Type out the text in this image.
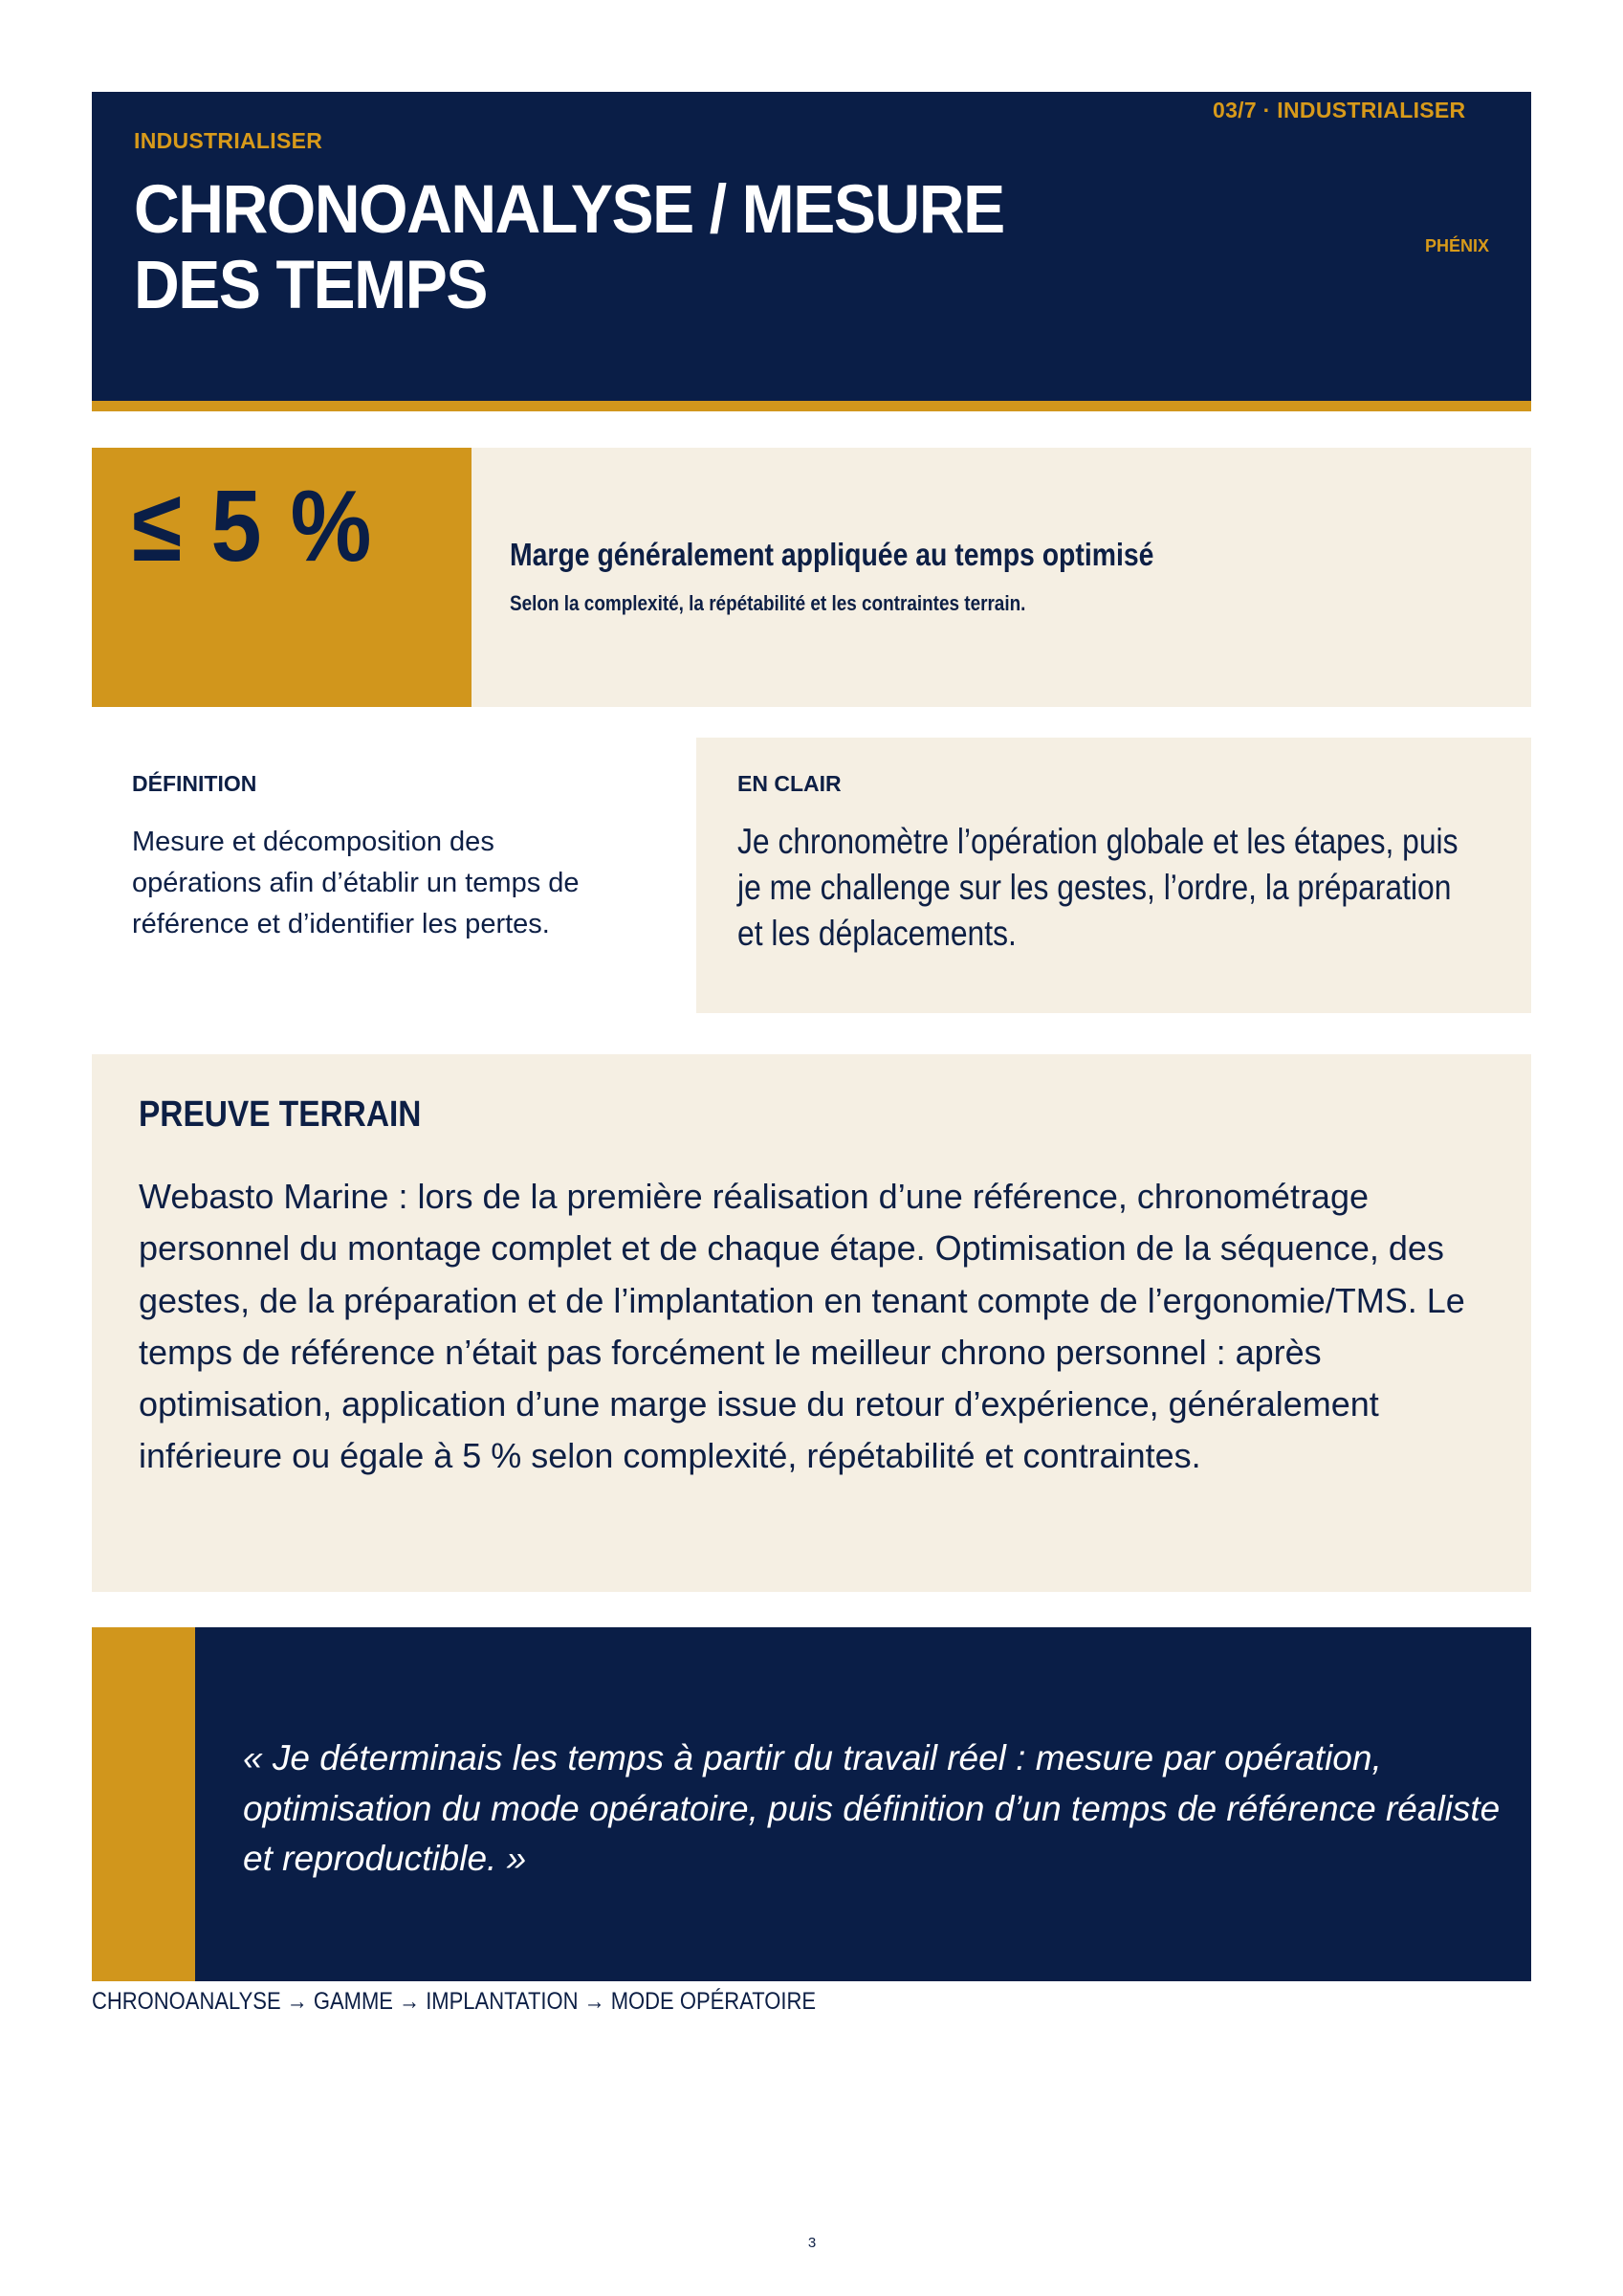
INDUSTRIALISER
03/7 · INDUSTRIALISER
PHÉNIX
CHRONOANALYSE / MESURE DES TEMPS
≤ 5 %	Marge généralement appliquée au temps optimisé
Selon la complexité, la répétabilité et les contraintes terrain.
DÉFINITION
Mesure et décomposition des opérations afin d’établir un temps de référence et d’identifier les pertes.
EN CLAIR
Je chronomètre l’opération globale et les étapes, puis je me challenge sur les gestes, l’ordre, la préparation et les déplacements.
PREUVE TERRAIN
Webasto Marine : lors de la première réalisation d’une référence, chronométrage personnel du montage complet et de chaque étape. Optimisation de la séquence, des gestes, de la préparation et de l’implantation en tenant compte de l’ergonomie/TMS. Le temps de référence n’était pas forcément le meilleur chrono personnel : après optimisation, application d’une marge issue du retour d’expérience, généralement inférieure ou égale à 5 % selon complexité, répétabilité et contraintes.
« Je déterminais les temps à partir du travail réel : mesure par opération, optimisation du mode opératoire, puis définition d’un temps de référence réaliste et reproductible. »
CHRONOANALYSE → GAMME → IMPLANTATION → MODE OPÉRATOIRE
3
